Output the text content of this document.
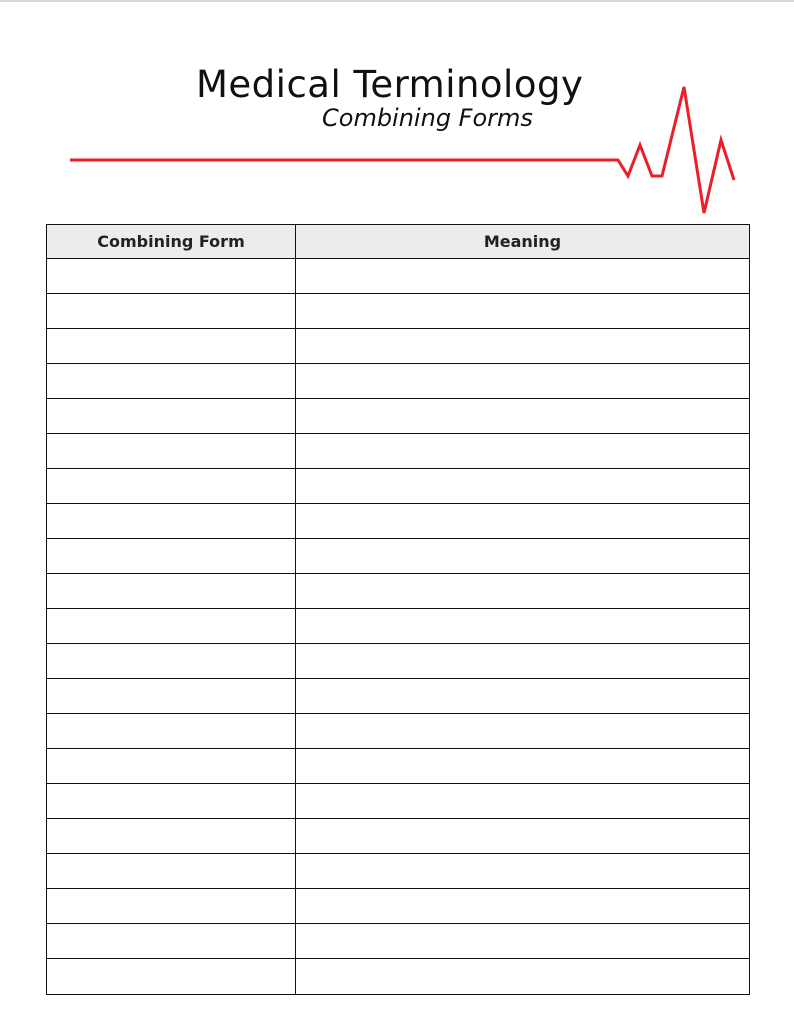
Medical Terminology
Combining Forms
Combining Form	Meaning
